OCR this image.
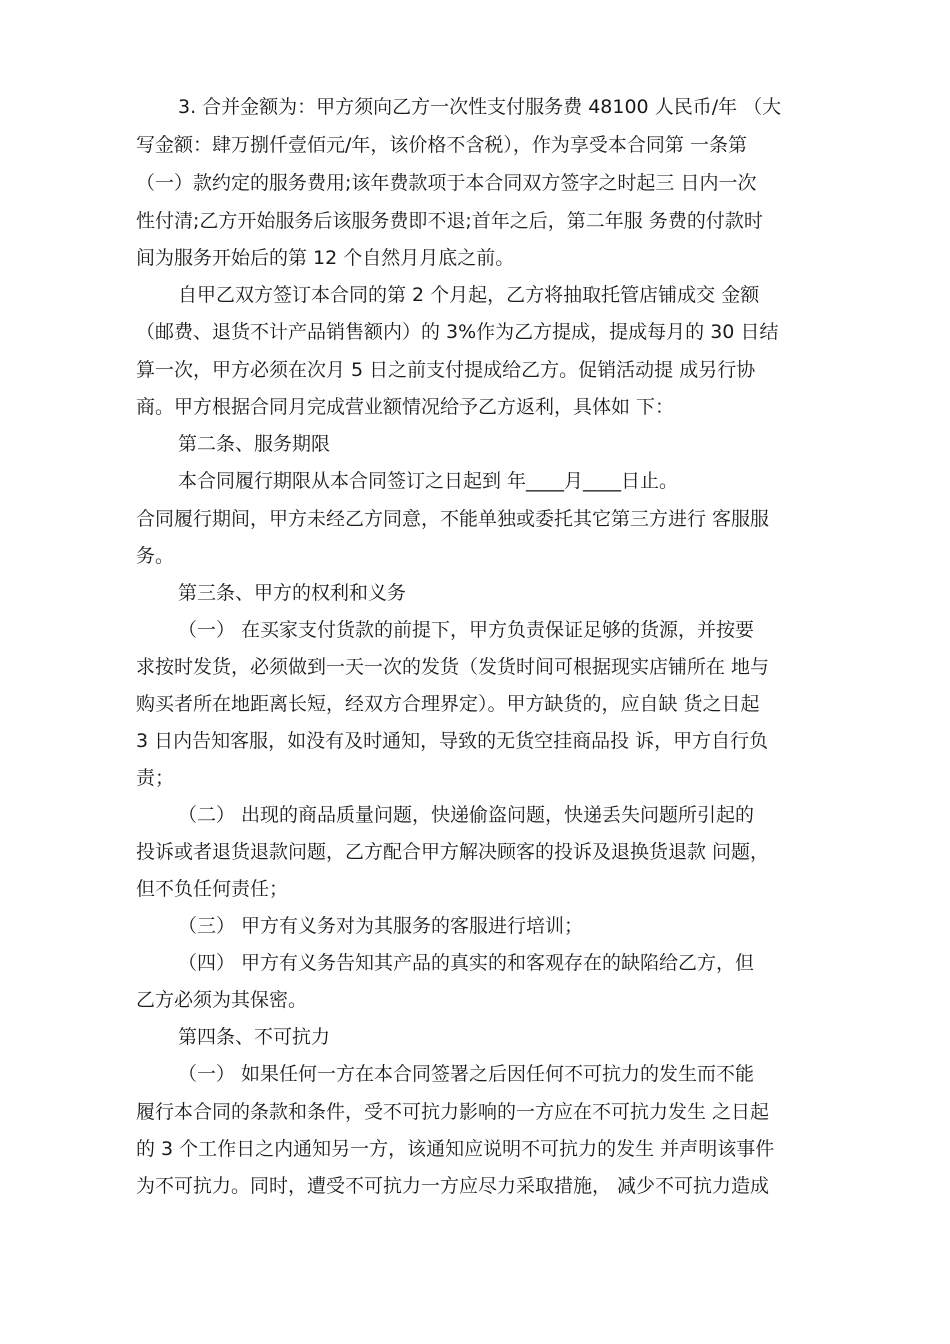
3. 合并金额为：甲方须向乙方一次性支付服务费 48100 人民币/年 （大

写金额：肆万捌仟壹佰元/年，该价格不含税），作为享受本合同第 一条第

（一）款约定的服务费用;该年费款项于本合同双方签字之时起三 日内一次

性付清;乙方开始服务后该服务费即不退;首年之后，第二年服 务费的付款时

间为服务开始后的第 12 个自然月月底之前。

自甲乙双方签订本合同的第 2 个月起，乙方将抽取托管店铺成交 金额

（邮费、退货不计产品销售额内）的 3%作为乙方提成，提成每月的 30 日结

算一次，甲方必须在次月 5 日之前支付提成给乙方。促销活动提 成另行协

商。甲方根据合同月完成营业额情况给予乙方返利，具体如 下：

第二条、服务期限

本合同履行期限从本合同签订之日起到 年____月____日止。

合同履行期间，甲方未经乙方同意，不能单独或委托其它第三方进行 客服服

务。

第三条、甲方的权利和义务

（一） 在买家支付货款的前提下，甲方负责保证足够的货源，并按要

求按时发货，必须做到一天一次的发货（发货时间可根据现实店铺所在 地与

购买者所在地距离长短，经双方合理界定）。甲方缺货的，应自缺 货之日起

3 日内告知客服，如没有及时通知，导致的无货空挂商品投 诉，甲方自行负

责；

（二） 出现的商品质量问题，快递偷盗问题，快递丢失问题所引起的

投诉或者退货退款问题，乙方配合甲方解决顾客的投诉及退换货退款 问题，

但不负任何责任；

（三） 甲方有义务对为其服务的客服进行培训；

（四） 甲方有义务告知其产品的真实的和客观存在的缺陷给乙方，但

乙方必须为其保密。

第四条、不可抗力

（一） 如果任何一方在本合同签署之后因任何不可抗力的发生而不能

履行本合同的条款和条件，受不可抗力影响的一方应在不可抗力发生 之日起

的 3 个工作日之内通知另一方，该通知应说明不可抗力的发生 并声明该事件

为不可抗力。同时，遭受不可抗力一方应尽力采取措施， 减少不可抗力造成
